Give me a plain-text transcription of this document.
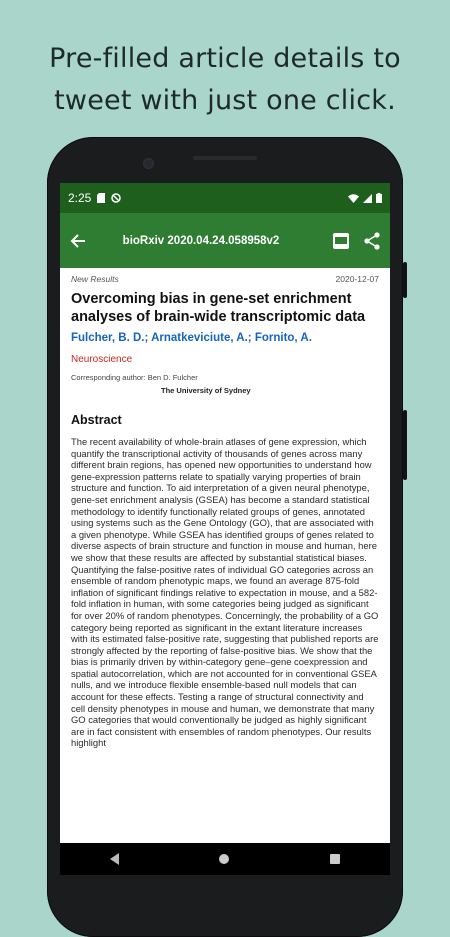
Pre-filled article details to
tweet with just one click.
2:25
bioRxiv 2020.04.24.058958v2
New Results	2020-12-07
Overcoming bias in gene-set enrichment analyses of brain-wide transcriptomic data
Fulcher, B. D.; Arnatkeviciute, A.; Fornito, A.
Neuroscience
Corresponding author: Ben D. Fulcher
The University of Sydney
Abstract
The recent availability of whole-brain atlases of gene expression, which quantify the transcriptional activity of thousands of genes across many different brain regions, has opened new opportunities to understand how gene-expression patterns relate to spatially varying properties of brain structure and function. To aid interpretation of a given neural phenotype, gene-set enrichment analysis (GSEA) has become a standard statistical methodology to identify functionally related groups of genes, annotated using systems such as the Gene Ontology (GO), that are associated with a given phenotype. While GSEA has identified groups of genes related to diverse aspects of brain structure and function in mouse and human, here we show that these results are affected by substantial statistical biases. Quantifying the false-positive rates of individual GO categories across an ensemble of random phenotypic maps, we found an average 875-fold inflation of significant findings relative to expectation in mouse, and a 582-fold inflation in human, with some categories being judged as significant for over 20% of random phenotypes. Concerningly, the probability of a GO category being reported as significant in the extant literature increases with its estimated false-positive rate, suggesting that published reports are strongly affected by the reporting of false-positive bias. We show that the bias is primarily driven by within-category gene–gene coexpression and spatial autocorrelation, which are not accounted for in conventional GSEA nulls, and we introduce flexible ensemble-based null models that can account for these effects. Testing a range of structural connectivity and cell density phenotypes in mouse and human, we demonstrate that many GO categories that would conventionally be judged as highly significant are in fact consistent with ensembles of random phenotypes. Our results highlight
